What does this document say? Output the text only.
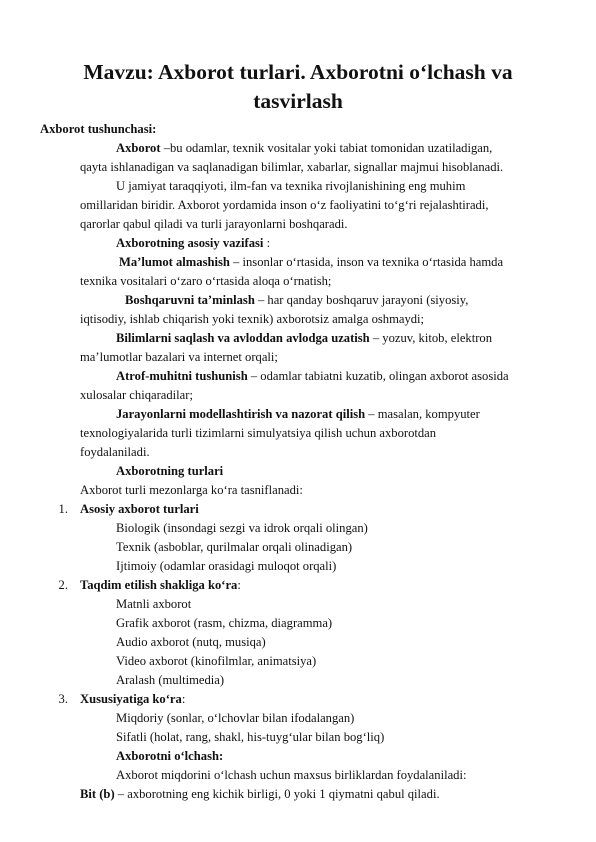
Mavzu: Axborot turlari. Axborotni o‘lchash va tasvirlash
Axborot tushunchasi:
Axborot –bu odamlar, texnik vositalar yoki tabiat tomonidan uzatiladigan,
qayta ishlanadigan va saqlanadigan bilimlar, xabarlar, signallar majmui hisoblanadi.
U jamiyat taraqqiyoti, ilm-fan va texnika rivojlanishining eng muhim
omillaridan biridir. Axborot yordamida inson o‘z faoliyatini to‘g‘ri rejalashtiradi,
qarorlar qabul qiladi va turli jarayonlarni boshqaradi.
Axborotning asosiy vazifasi :
Ma’lumot almashish – insonlar o‘rtasida, inson va texnika o‘rtasida hamda
texnika vositalari o‘zaro o‘rtasida aloqa o‘rnatish;
Boshqaruvni ta’minlash – har qanday boshqaruv jarayoni (siyosiy,
iqtisodiy, ishlab chiqarish yoki texnik) axborotsiz amalga oshmaydi;
Bilimlarni saqlash va avloddan avlodga uzatish – yozuv, kitob, elektron
ma’lumotlar bazalari va internet orqali;
Atrof-muhitni tushunish – odamlar tabiatni kuzatib, olingan axborot asosida
xulosalar chiqaradilar;
Jarayonlarni modellashtirish va nazorat qilish – masalan, kompyuter
texnologiyalarida turli tizimlarni simulyatsiya qilish uchun axborotdan
foydalaniladi.
Axborotning turlari
Axborot turli mezonlarga ko‘ra tasniflanadi:
1. Asosiy axborot turlari
Biologik (insondagi sezgi va idrok orqali olingan)
Texnik (asboblar, qurilmalar orqali olinadigan)
Ijtimoiy (odamlar orasidagi muloqot orqali)
2. Taqdim etilish shakliga ko‘ra:
Matnli axborot
Grafik axborot (rasm, chizma, diagramma)
Audio axborot (nutq, musiqa)
Video axborot (kinofilmlar, animatsiya)
Aralash (multimedia)
3. Xususiyatiga ko‘ra:
Miqdoriy (sonlar, o‘lchovlar bilan ifodalangan)
Sifatli (holat, rang, shakl, his-tuyg‘ular bilan bog‘liq)
Axborotni o‘lchash:
Axborot miqdorini o‘lchash uchun maxsus birliklardan foydalaniladi:
Bit (b) – axborotning eng kichik birligi, 0 yoki 1 qiymatni qabul qiladi.
